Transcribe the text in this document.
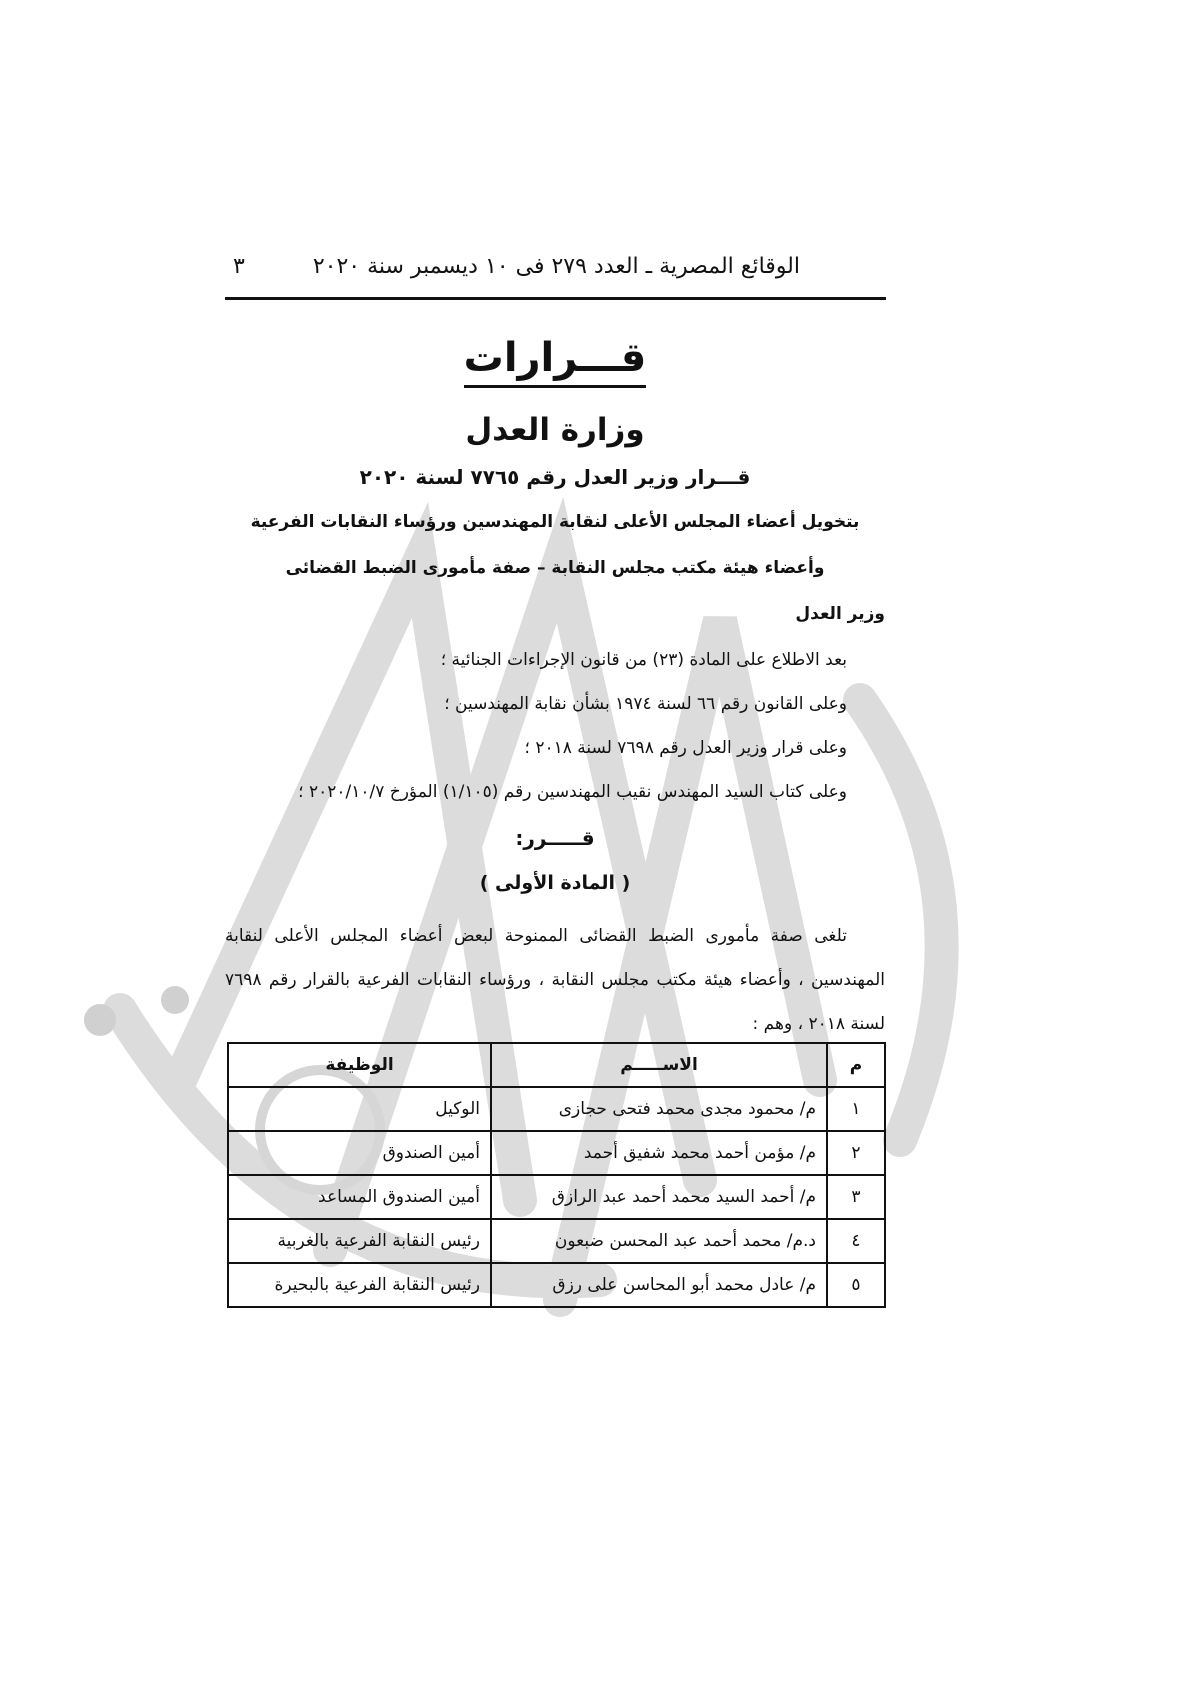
الوقائع المصرية ـ العدد ٢٧٩ فى ١٠ ديسمبر سنة ٢٠٢٠
٣
قـــرارات
وزارة العدل
قـــرار وزير العدل رقم ٧٧٦٥ لسنة ٢٠٢٠
بتخويل أعضاء المجلس الأعلى لنقابة المهندسين ورؤساء النقابات الفرعية
وأعضاء هيئة مكتب مجلس النقابة – صفة مأمورى الضبط القضائى
وزير العدل
بعد الاطلاع على المادة (٢٣) من قانون الإجراءات الجنائية ؛
وعلى القانون رقم ٦٦ لسنة ١٩٧٤ بشأن نقابة المهندسين ؛
وعلى قرار وزير العدل رقم ٧٦٩٨ لسنة ٢٠١٨ ؛
وعلى كتاب السيد المهندس نقيب المهندسين رقم (١/١٠٥) المؤرخ ٢٠٢٠/١٠/٧ ؛
قـــــرر:
( المادة الأولى )
تلغى صفة مأمورى الضبط القضائى الممنوحة لبعض أعضاء المجلس الأعلى لنقابة المهندسين ، وأعضاء هيئة مكتب مجلس النقابة ، ورؤساء النقابات الفرعية بالقرار رقم ٧٦٩٨ لسنة ٢٠١٨ ، وهم :
م	الاســـــم	الوظيفة
١	م/ محمود مجدى محمد فتحى حجازى	الوكيل
٢	م/ مؤمن أحمد محمد شفيق أحمد	أمين الصندوق
٣	م/ أحمد السيد محمد أحمد عبد الرازق	أمين الصندوق المساعد
٤	د.م/ محمد أحمد عبد المحسن ضبعون	رئيس النقابة الفرعية بالغربية
٥	م/ عادل محمد أبو المحاسن على رزق	رئيس النقابة الفرعية بالبحيرة
